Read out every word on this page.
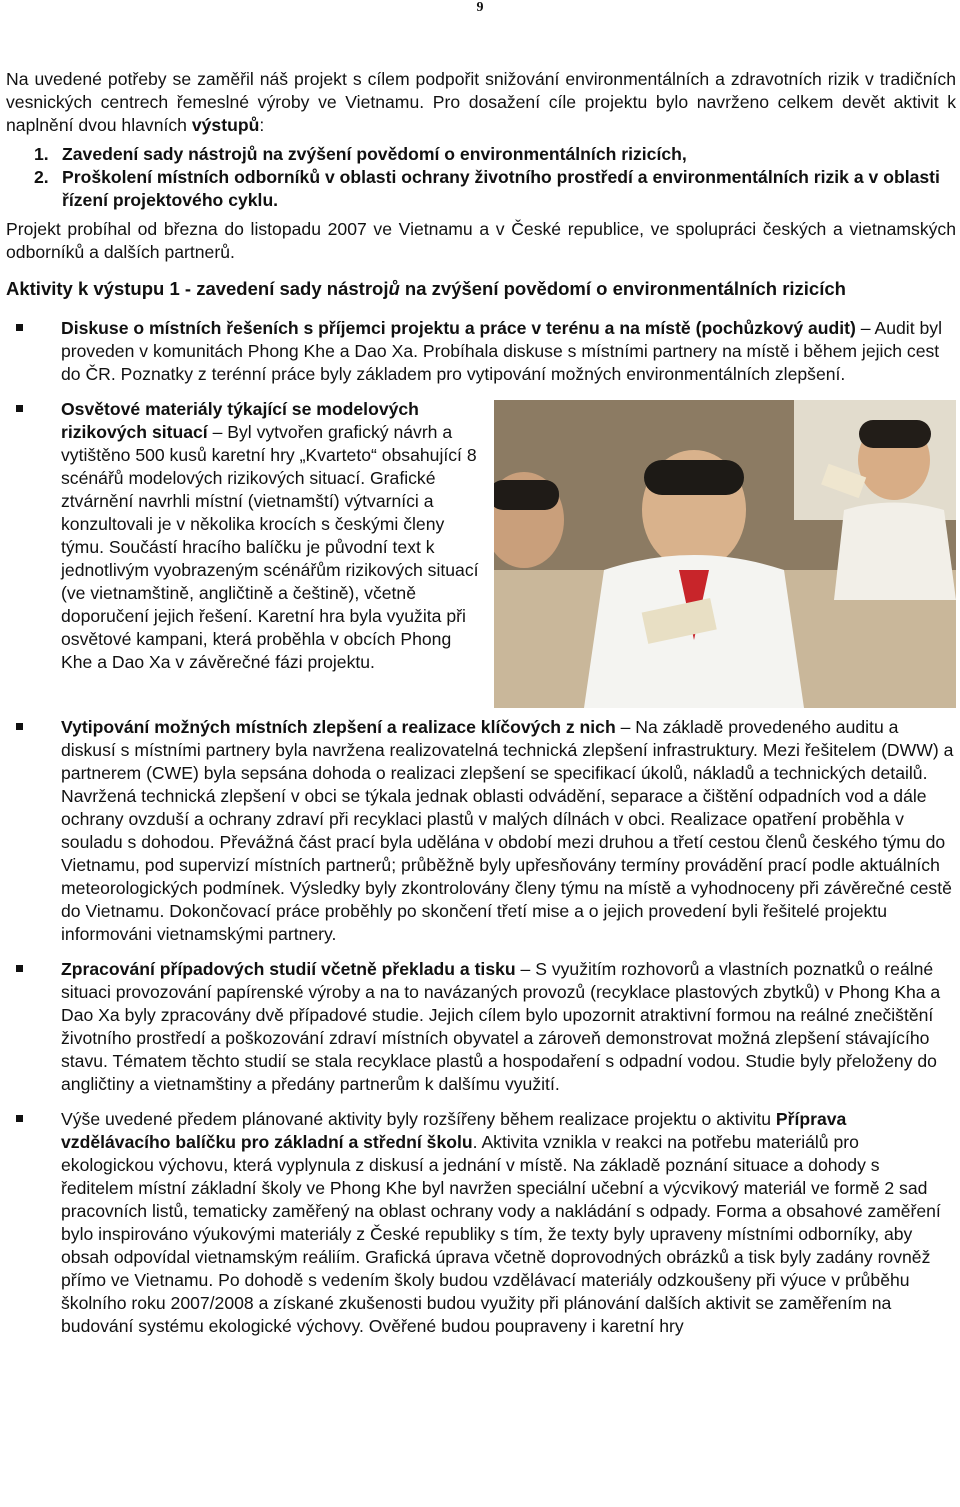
9

Na uvedené potřeby se zaměřil náš projekt s cílem podpořit snižování environmentálních a zdravotních rizik v tradičních vesnických centrech řemeslné výroby ve Vietnamu. Pro dosažení cíle projektu bylo navrženo celkem devět aktivit k naplnění dvou hlavních výstupů:

1. Zavedení sady nástrojů na zvýšení povědomí o environmentálních rizicích,
2. Proškolení místních odborníků v oblasti ochrany životního prostředí a environmentálních rizik a v oblasti řízení projektového cyklu.

Projekt probíhal od března do listopadu 2007 ve Vietnamu a v České republice, ve spolupráci českých a vietnamských odborníků a dalších partnerů.

Aktivity k výstupu 1 - zavedení sady nástrojů na zvýšení povědomí o environmentálních rizicích

Diskuse o místních řešeních s příjemci projektu a práce v terénu a na místě (pochůzkový audit) – Audit byl proveden v komunitách Phong Khe a Dao Xa. Probíhala diskuse s místními partnery na místě i během jejich cest do ČR. Poznatky z terénní práce byly základem pro vytipování možných environmentálních zlepšení.
Osvětové materiály týkající se modelových rizikových situací – Byl vytvořen grafický návrh a vytištěno 500 kusů karetní hry „Kvarteto“ obsahující 8 scénářů modelových rizikových situací. Grafické ztvárnění navrhli místní (vietnamští) výtvarníci a konzultovali je v několika krocích s českými členy týmu. Součástí hracího balíčku je původní text k jednotlivým vyobrazeným scénářům rizikových situací (ve vietnamštině, angličtině a češtině), včetně doporučení jejich řešení. Karetní hra byla využita při osvětové kampani, která proběhla v obcích Phong Khe a Dao Xa v závěrečné fázi projektu.
Vytipování možných místních zlepšení a realizace klíčových z nich – Na základě provedeného auditu a diskusí s místními partnery byla navržena realizovatelná technická zlepšení infrastruktury. Mezi řešitelem (DWW) a partnerem (CWE) byla sepsána dohoda o realizaci zlepšení se specifikací úkolů, nákladů a technických detailů. Navržená technická zlepšení v obci se týkala jednak oblasti odvádění, separace a čištění odpadních vod a dále ochrany ovzduší a ochrany zdraví při recyklaci plastů v malých dílnách v obci. Realizace opatření proběhla v souladu s dohodou. Převážná část prací byla udělána v období mezi druhou a třetí cestou členů českého týmu do Vietnamu, pod supervizí místních partnerů; průběžně byly upřesňovány termíny provádění prací podle aktuálních meteorologických podmínek. Výsledky byly zkontrolovány členy týmu na místě a vyhodnoceny při závěrečné cestě do Vietnamu. Dokončovací práce proběhly po skončení třetí mise a o jejich provedení byli řešitelé projektu informováni vietnamskými partnery.
Zpracování případových studií včetně překladu a tisku – S využitím rozhovorů a vlastních poznatků o reálné situaci provozování papírenské výroby a na to navázaných provozů (recyklace plastových zbytků) v Phong Kha a Dao Xa byly zpracovány dvě případové studie. Jejich cílem bylo upozornit atraktivní formou na reálné znečištění životního prostředí a poškozování zdraví místních obyvatel a zároveň demonstrovat možná zlepšení stávajícího stavu. Tématem těchto studií se stala recyklace plastů a hospodaření s odpadní vodou. Studie byly přeloženy do angličtiny a vietnamštiny a předány partnerům k dalšímu využití.
Výše uvedené předem plánované aktivity byly rozšířeny během realizace projektu o aktivitu Příprava vzdělávacího balíčku pro základní a střední školu. Aktivita vznikla v reakci na potřebu materiálů pro ekologickou výchovu, která vyplynula z diskusí a jednání v místě. Na základě poznání situace a dohody s ředitelem místní základní školy ve Phong Khe byl navržen speciální učební a výcvikový materiál ve formě 2 sad pracovních listů, tematicky zaměřený na oblast ochrany vody a nakládání s odpady. Forma a obsahové zaměření bylo inspirováno výukovými materiály z České republiky s tím, že texty byly upraveny místními odborníky, aby obsah odpovídal vietnamským reáliím. Grafická úprava včetně doprovodných obrázků a tisk byly zadány rovněž přímo ve Vietnamu. Po dohodě s vedením školy budou vzdělávací materiály odzkoušeny při výuce v průběhu školního roku 2007/2008 a získané zkušenosti budou využity při plánování dalších aktivit se zaměřením na budování systému ekologické výchovy. Ověřené budou poupraveny i karetní hry
